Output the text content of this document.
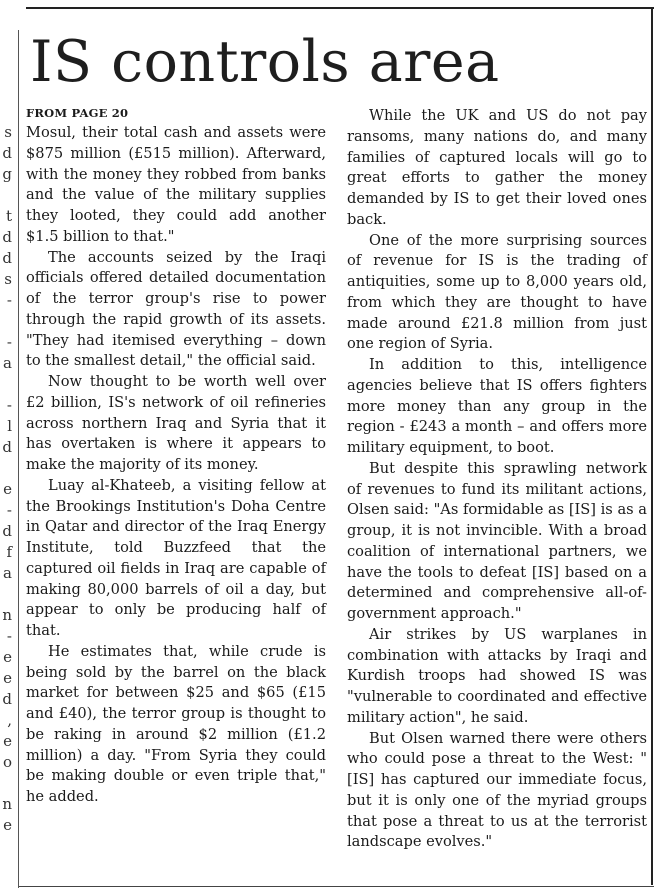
s
d
g
t
d
d
s
-
-
a
-
l
d
e
-
d
f
a
n
-
e
e
d
,
e
o
n
e
IS controls area
FROM PAGE 20

Mosul, their total cash and assets were $875 million (£515 million). Afterward, with the money they robbed from banks and the value of the military supplies they looted, they could add another $1.5 billion to that."

The accounts seized by the Iraqi officials offered detailed documentation of the terror group's rise to power through the rapid growth of its assets. "They had itemised everything – down to the smallest detail," the official said.

Now thought to be worth well over £2 billion, IS's network of oil refineries across northern Iraq and Syria that it has overtaken is where it appears to make the majority of its money.

Luay al-Khateeb, a visiting fellow at the Brookings Institution's Doha Centre in Qatar and director of the Iraq Energy Institute, told Buzzfeed that the captured oil fields in Iraq are capable of making 80,000 barrels of oil a day, but appear to only be producing half of that.

He estimates that, while crude is being sold by the barrel on the black market for between $25 and $65 (£15 and £40), the terror group is thought to be raking in around $2 million (£1.2 million) a day. "From Syria they could be making double or even triple that," he added.

While the UK and US do not pay ransoms, many nations do, and many families of captured locals will go to great efforts to gather the money demanded by IS to get their loved ones back.

One of the more surprising sources of revenue for IS is the trading of antiquities, some up to 8,000 years old, from which they are thought to have made around £21.8 million from just one region of Syria.

In addition to this, intelligence agencies believe that IS offers fighters more money than any group in the region - £243 a month – and offers more military equipment, to boot.

But despite this sprawling network of revenues to fund its militant actions, Olsen said: "As formidable as [IS] is as a group, it is not invincible. With a broad coalition of international partners, we have the tools to defeat [IS] based on a determined and comprehensive all-of-government approach."

Air strikes by US warplanes in combination with attacks by Iraqi and Kurdish troops had showed IS was "vulnerable to coordinated and effective military action", he said.

But Olsen warned there were others who could pose a threat to the West: "[IS] has captured our immediate focus, but it is only one of the myriad groups that pose a threat to us at the terrorist landscape evolves."
